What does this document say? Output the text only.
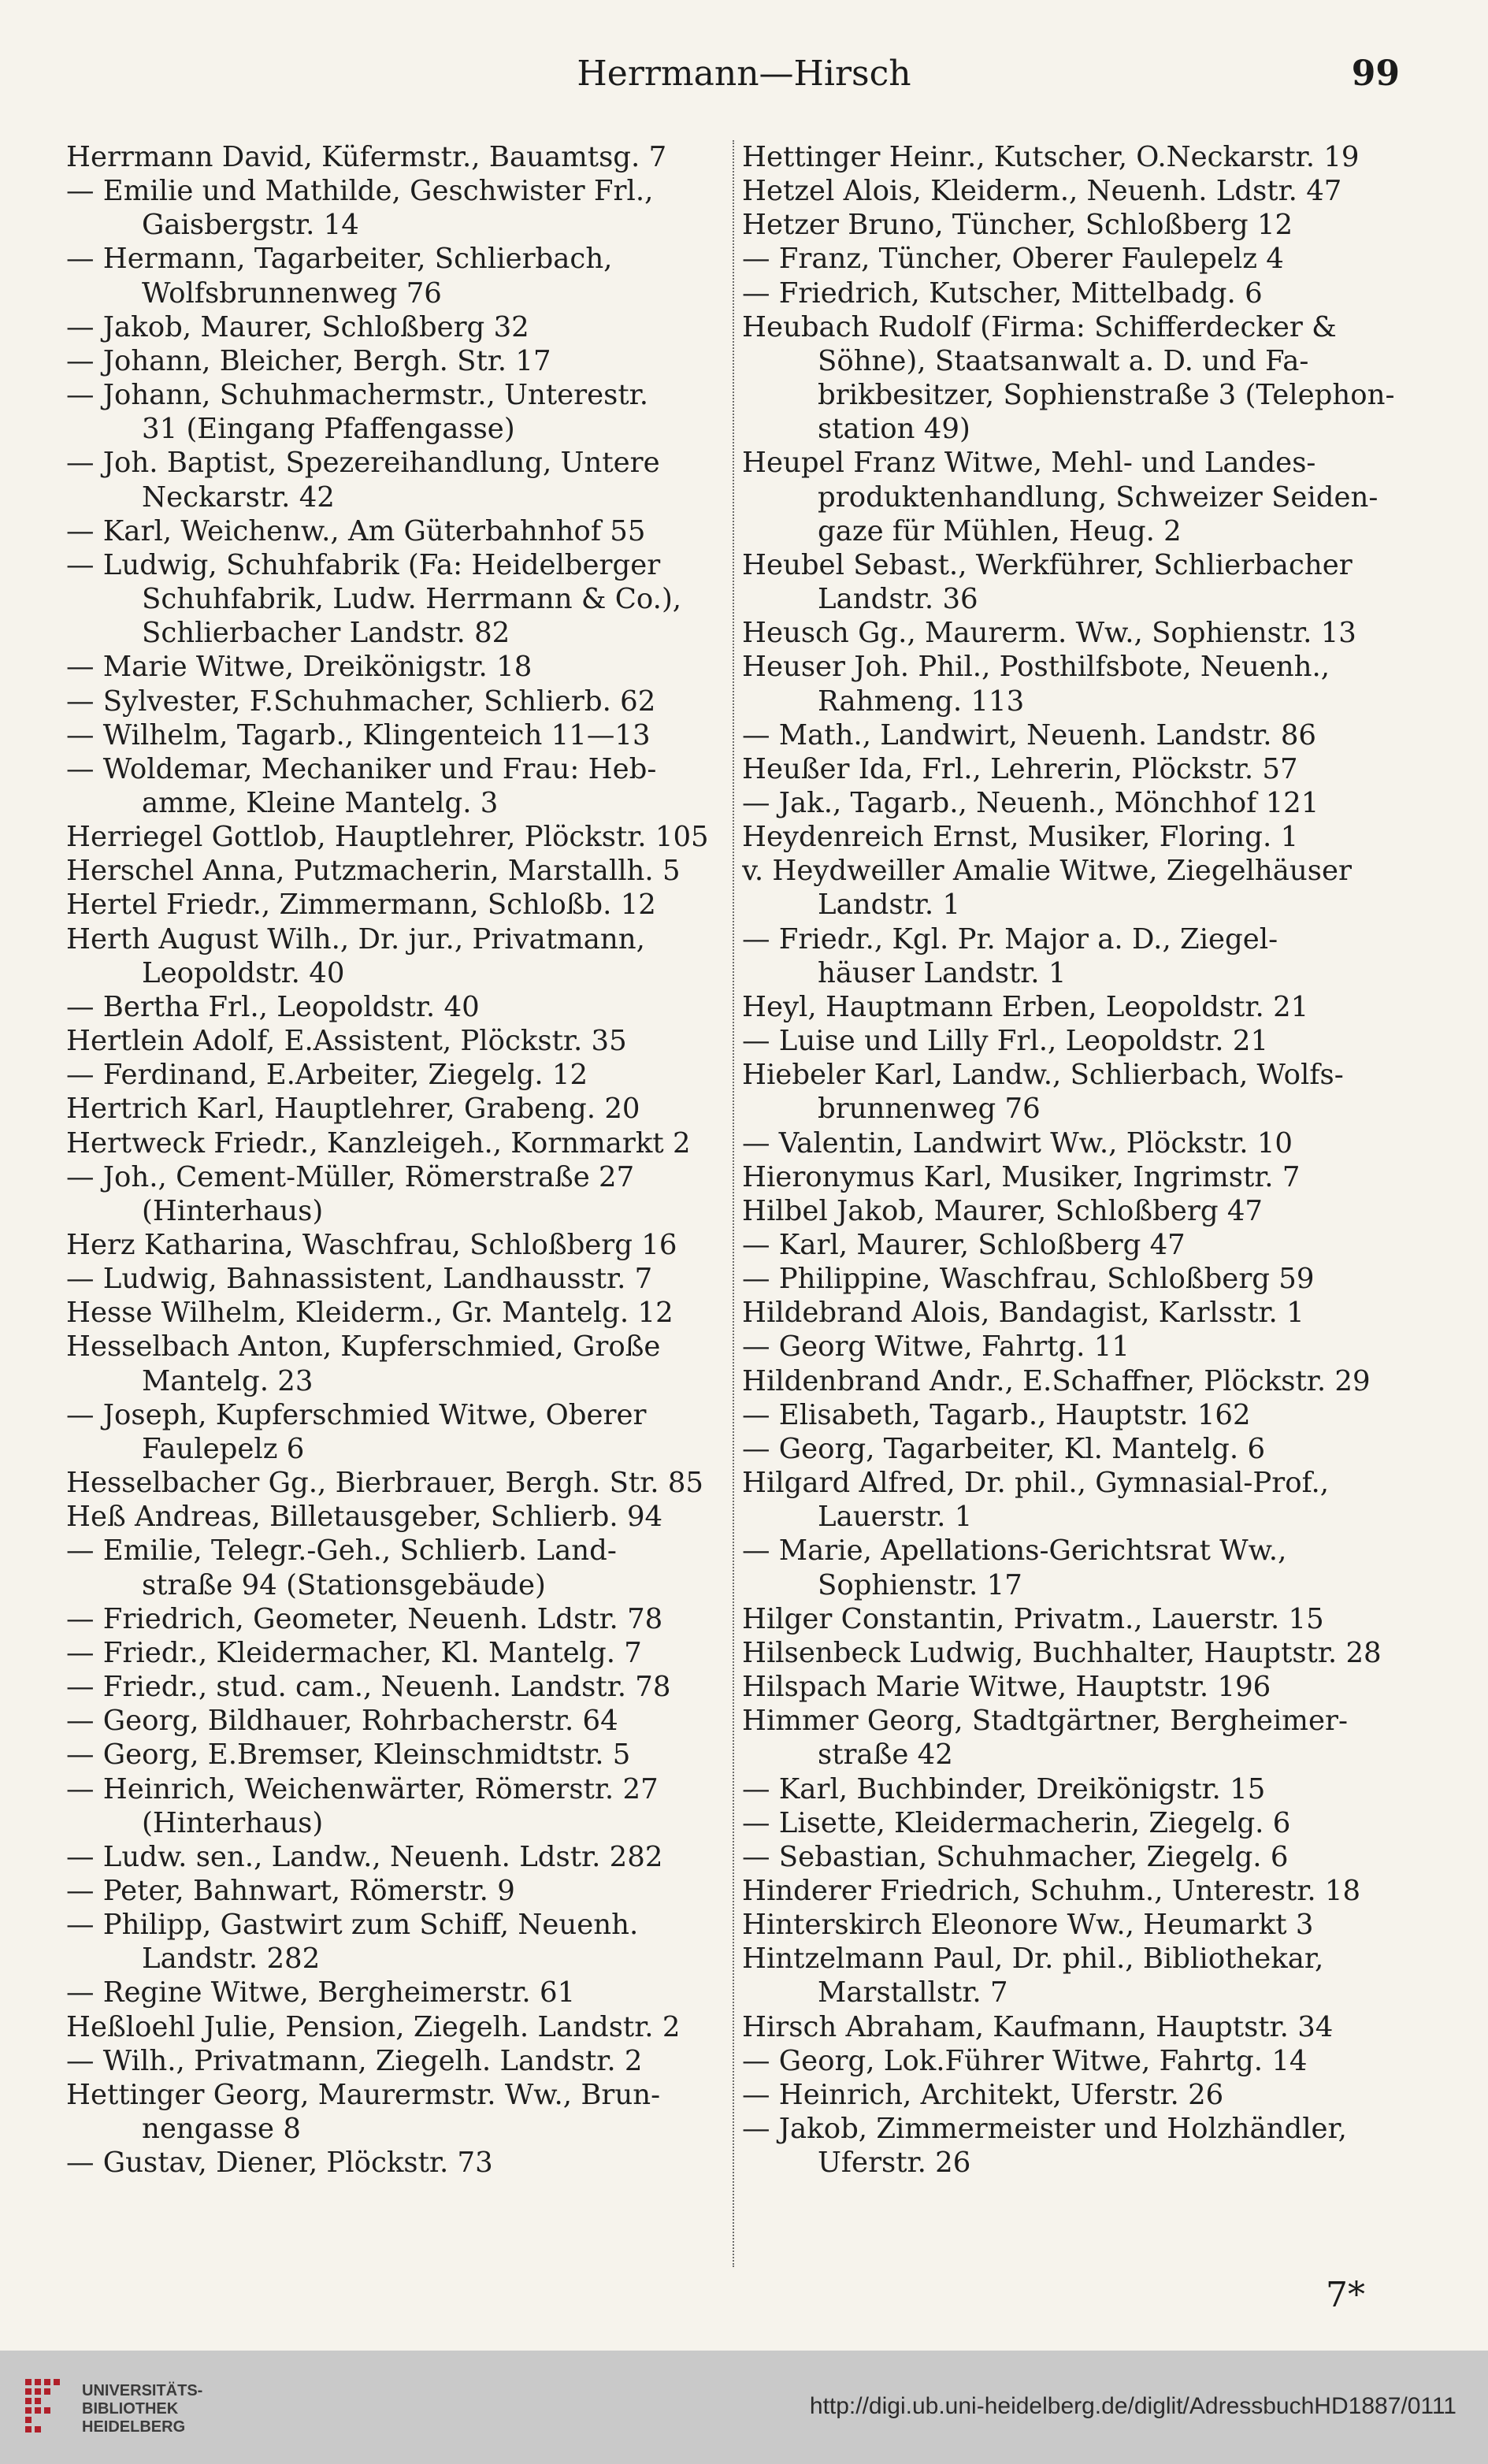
Herrmann—Hirsch	99

Herrmann David, Küfermstr., Bauamtsg. 7

— Emilie und Mathilde, Geschwister Frl.,

Gaisbergstr. 14

— Hermann, Tagarbeiter, Schlierbach,

Wolfsbrunnenweg 76

— Jakob, Maurer, Schloßberg 32

— Johann, Bleicher, Bergh. Str. 17

— Johann, Schuhmachermstr., Unterestr.

31 (Eingang Pfaffengasse)

— Joh. Baptist, Spezereihandlung, Untere

Neckarstr. 42

— Karl, Weichenw., Am Güterbahnhof 55

— Ludwig, Schuhfabrik (Fa: Heidelberger

Schuhfabrik, Ludw. Herrmann & Co.),

Schlierbacher Landstr. 82

— Marie Witwe, Dreikönigstr. 18

— Sylvester, F.Schuhmacher, Schlierb. 62

— Wilhelm, Tagarb., Klingenteich 11—13

— Woldemar, Mechaniker und Frau: Heb-

amme, Kleine Mantelg. 3

Herriegel Gottlob, Hauptlehrer, Plöckstr. 105

Herschel Anna, Putzmacherin, Marstallh. 5

Hertel Friedr., Zimmermann, Schloßb. 12

Herth August Wilh., Dr. jur., Privatmann,

Leopoldstr. 40

— Bertha Frl., Leopoldstr. 40

Hertlein Adolf, E.Assistent, Plöckstr. 35

— Ferdinand, E.Arbeiter, Ziegelg. 12

Hertrich Karl, Hauptlehrer, Grabeng. 20

Hertweck Friedr., Kanzleigeh., Kornmarkt 2

— Joh., Cement-Müller, Römerstraße 27

(Hinterhaus)

Herz Katharina, Waschfrau, Schloßberg 16

— Ludwig, Bahnassistent, Landhausstr. 7

Hesse Wilhelm, Kleiderm., Gr. Mantelg. 12

Hesselbach Anton, Kupferschmied, Große

Mantelg. 23

— Joseph, Kupferschmied Witwe, Oberer

Faulepelz 6

Hesselbacher Gg., Bierbrauer, Bergh. Str. 85

Heß Andreas, Billetausgeber, Schlierb. 94

— Emilie, Telegr.-Geh., Schlierb. Land-

straße 94 (Stationsgebäude)

— Friedrich, Geometer, Neuenh. Ldstr. 78

— Friedr., Kleidermacher, Kl. Mantelg. 7

— Friedr., stud. cam., Neuenh. Landstr. 78

— Georg, Bildhauer, Rohrbacherstr. 64

— Georg, E.Bremser, Kleinschmidtstr. 5

— Heinrich, Weichenwärter, Römerstr. 27

(Hinterhaus)

— Ludw. sen., Landw., Neuenh. Ldstr. 282

— Peter, Bahnwart, Römerstr. 9

— Philipp, Gastwirt zum Schiff, Neuenh.

Landstr. 282

— Regine Witwe, Bergheimerstr. 61

Heßloehl Julie, Pension, Ziegelh. Landstr. 2

— Wilh., Privatmann, Ziegelh. Landstr. 2

Hettinger Georg, Maurermstr. Ww., Brun-

nengasse 8

— Gustav, Diener, Plöckstr. 73

Hettinger Heinr., Kutscher, O.Neckarstr. 19

Hetzel Alois, Kleiderm., Neuenh. Ldstr. 47

Hetzer Bruno, Tüncher, Schloßberg 12

— Franz, Tüncher, Oberer Faulepelz 4

— Friedrich, Kutscher, Mittelbadg. 6

Heubach Rudolf (Firma: Schifferdecker &

Söhne), Staatsanwalt a. D. und Fa-

brikbesitzer, Sophienstraße 3 (Telephon-

station 49)

Heupel Franz Witwe, Mehl- und Landes-

produktenhandlung, Schweizer Seiden-

gaze für Mühlen, Heug. 2

Heubel Sebast., Werkführer, Schlierbacher

Landstr. 36

Heusch Gg., Maurerm. Ww., Sophienstr. 13

Heuser Joh. Phil., Posthilfsbote, Neuenh.,

Rahmeng. 113

— Math., Landwirt, Neuenh. Landstr. 86

Heußer Ida, Frl., Lehrerin, Plöckstr. 57

— Jak., Tagarb., Neuenh., Mönchhof 121

Heydenreich Ernst, Musiker, Floring. 1

v. Heydweiller Amalie Witwe, Ziegelhäuser

Landstr. 1

— Friedr., Kgl. Pr. Major a. D., Ziegel-

häuser Landstr. 1

Heyl, Hauptmann Erben, Leopoldstr. 21

— Luise und Lilly Frl., Leopoldstr. 21

Hiebeler Karl, Landw., Schlierbach, Wolfs-

brunnenweg 76

— Valentin, Landwirt Ww., Plöckstr. 10

Hieronymus Karl, Musiker, Ingrimstr. 7

Hilbel Jakob, Maurer, Schloßberg 47

— Karl, Maurer, Schloßberg 47

— Philippine, Waschfrau, Schloßberg 59

Hildebrand Alois, Bandagist, Karlsstr. 1

— Georg Witwe, Fahrtg. 11

Hildenbrand Andr., E.Schaffner, Plöckstr. 29

— Elisabeth, Tagarb., Hauptstr. 162

— Georg, Tagarbeiter, Kl. Mantelg. 6

Hilgard Alfred, Dr. phil., Gymnasial-Prof.,

Lauerstr. 1

— Marie, Apellations-Gerichtsrat Ww.,

Sophienstr. 17

Hilger Constantin, Privatm., Lauerstr. 15

Hilsenbeck Ludwig, Buchhalter, Hauptstr. 28

Hilspach Marie Witwe, Hauptstr. 196

Himmer Georg, Stadtgärtner, Bergheimer-

straße 42

— Karl, Buchbinder, Dreikönigstr. 15

— Lisette, Kleidermacherin, Ziegelg. 6

— Sebastian, Schuhmacher, Ziegelg. 6

Hinderer Friedrich, Schuhm., Unterestr. 18

Hinterskirch Eleonore Ww., Heumarkt 3

Hintzelmann Paul, Dr. phil., Bibliothekar,

Marstallstr. 7

Hirsch Abraham, Kaufmann, Hauptstr. 34

— Georg, Lok.Führer Witwe, Fahrtg. 14

— Heinrich, Architekt, Uferstr. 26

— Jakob, Zimmermeister und Holzhändler,

Uferstr. 26

7*
UNIVERSITÄTS-
BIBLIOTHEK
HEIDELBERG
http://digi.ub.uni-heidelberg.de/diglit/AdressbuchHD1887/0111
